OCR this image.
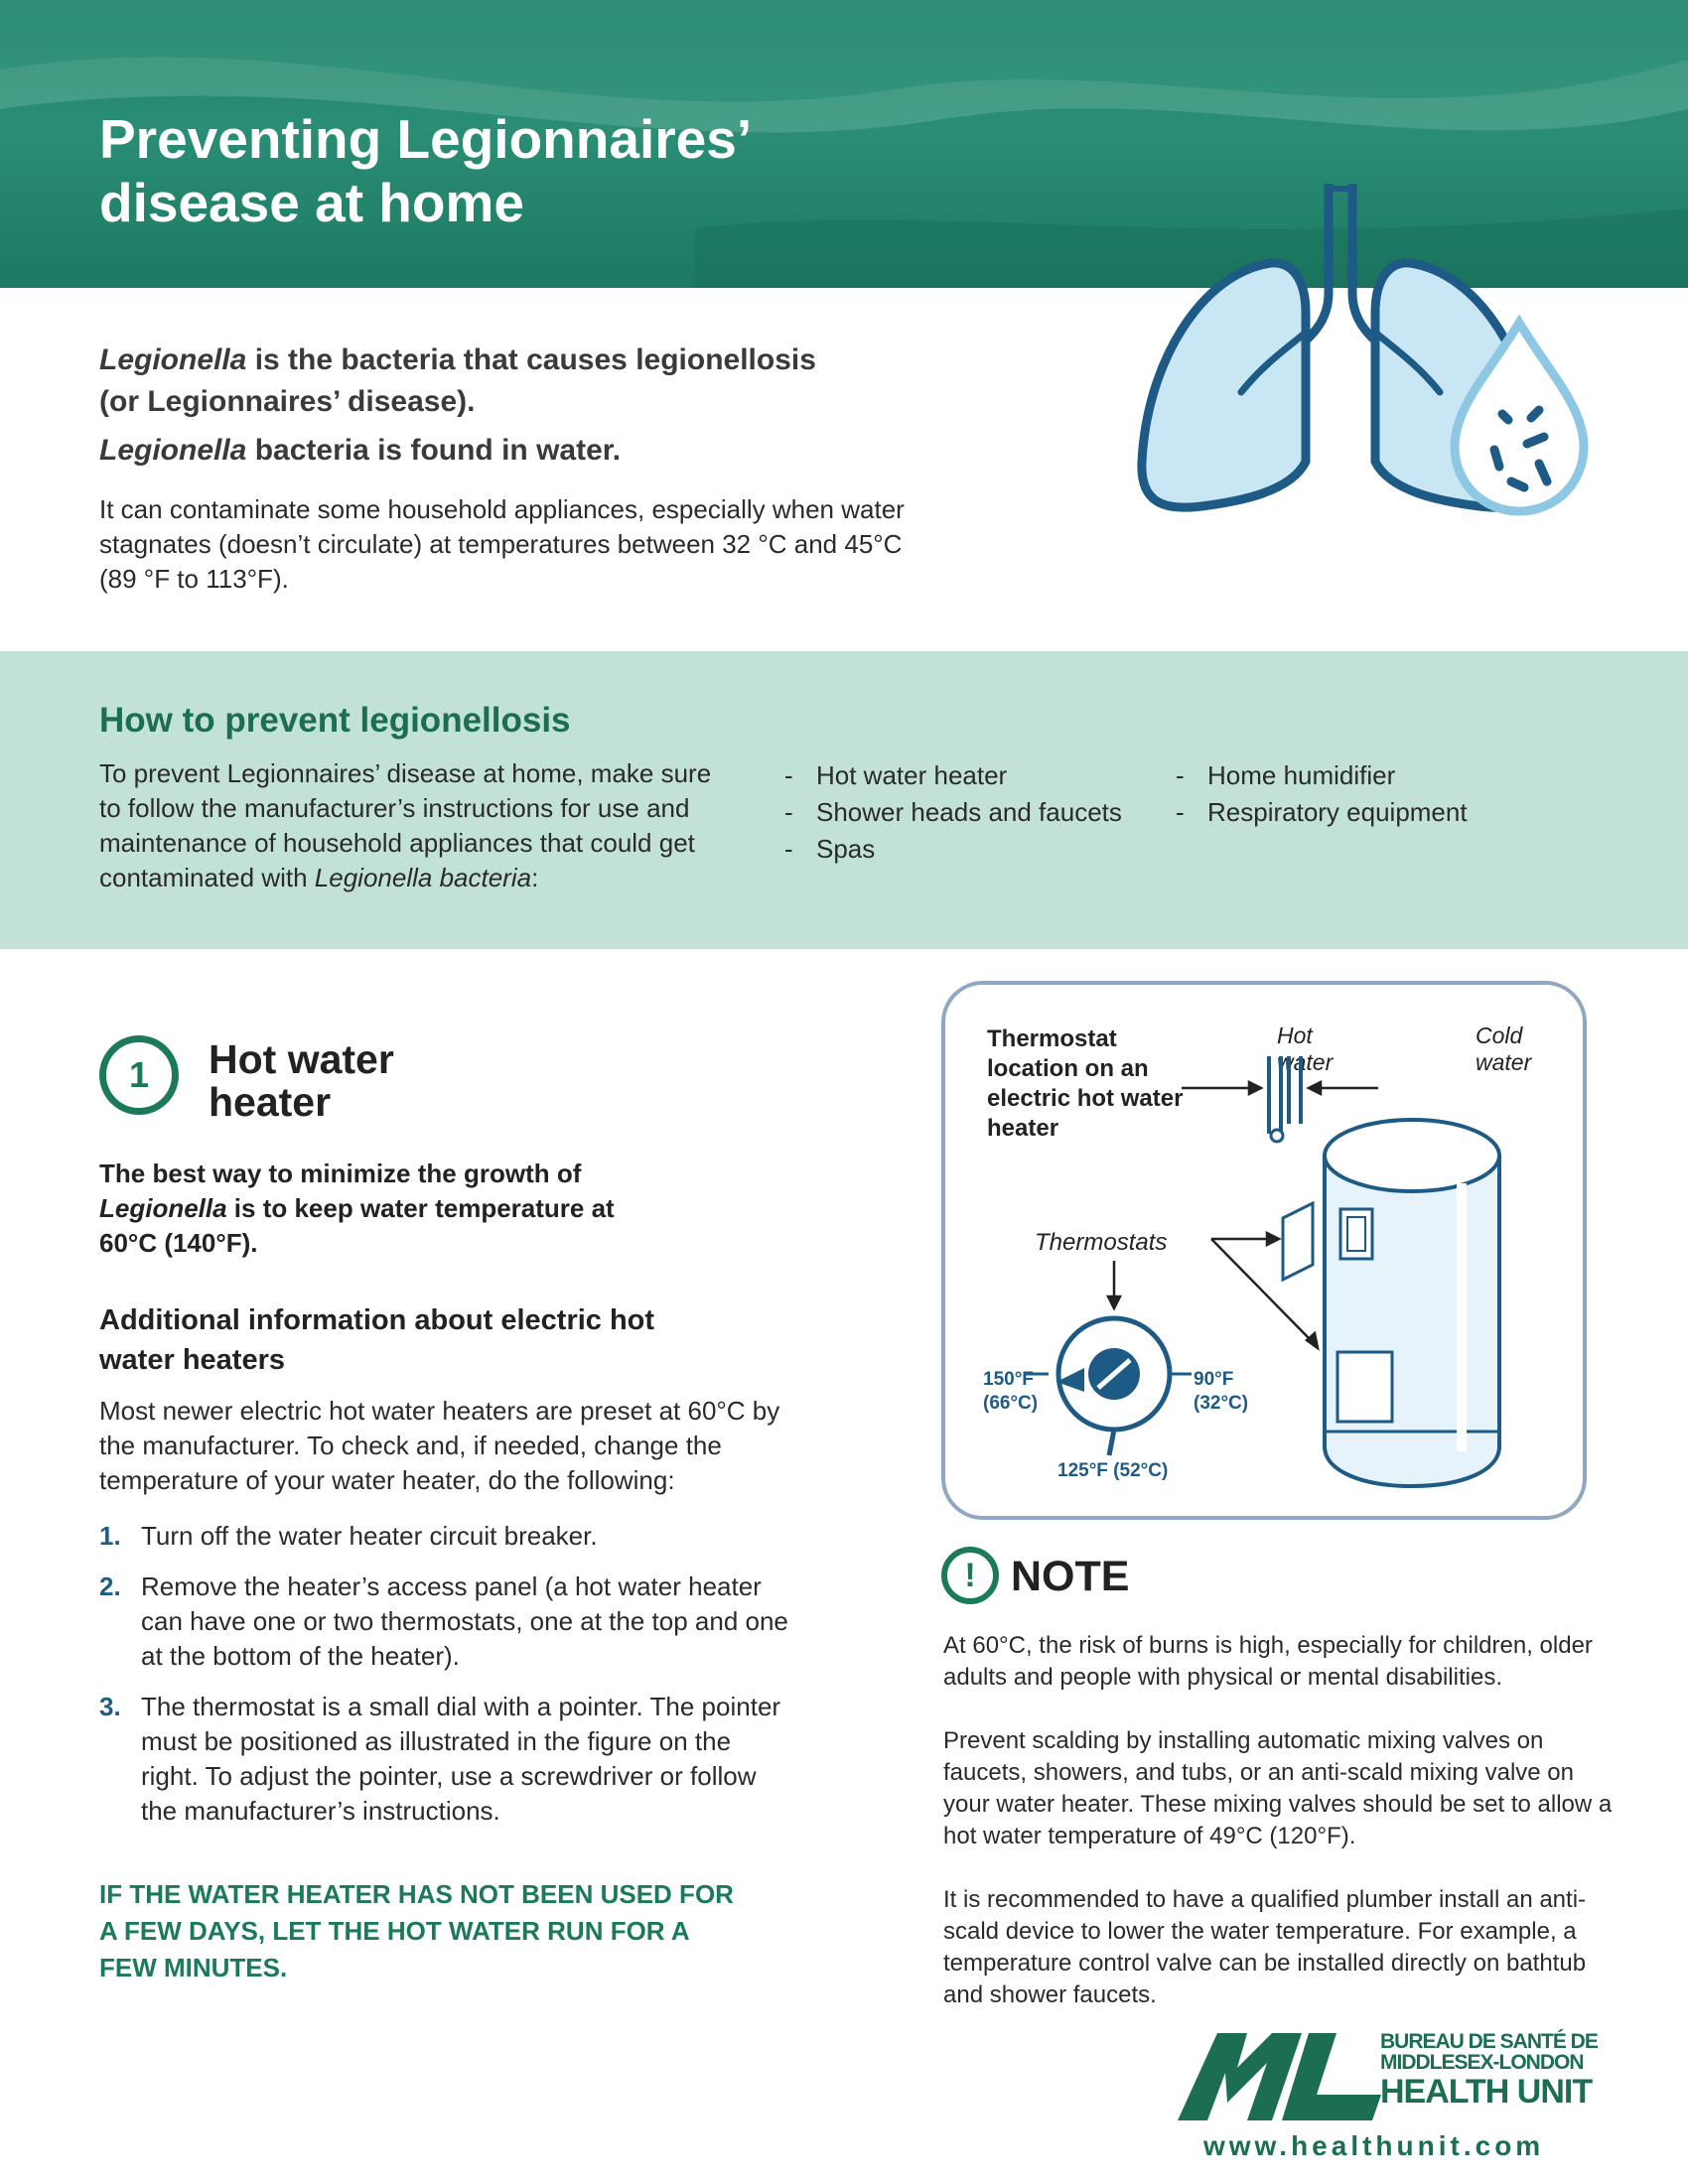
Preventing Legionnaires’
disease at home
Legionella is the bacteria that causes legionellosis
(or Legionnaires’ disease).
Legionella bacteria is found in water.
It can contaminate some household appliances, especially when water stagnates (doesn’t circulate) at temperatures between 32 °C and 45°C (89 °F to 113°F).
How to prevent legionellosis
To prevent Legionnaires’ disease at home, make sure to follow the manufacturer’s instructions for use and maintenance of household appliances that could get contaminated with Legionella bacteria:
- Hot water heater
- Shower heads and faucets
- Spas
- Home humidifier
- Respiratory equipment
1	Hot water heater
The best way to minimize the growth of Legionella is to keep water temperature at 60°C (140°F).
Additional information about electric hot water heaters
Most newer electric hot water heaters are preset at 60°C by the manufacturer. To check and, if needed, change the temperature of your water heater, do the following:
1. Turn off the water heater circuit breaker.
2. Remove the heater’s access panel (a hot water heater can have one or two thermostats, one at the top and one at the bottom of the heater).
3. The thermostat is a small dial with a pointer. The pointer must be positioned as illustrated in the figure on the right. To adjust the pointer, use a screwdriver or follow the manufacturer’s instructions.
IF THE WATER HEATER HAS NOT BEEN USED FOR A FEW DAYS, LET THE HOT WATER RUN FOR A FEW MINUTES.
Thermostat location on an electric hot water heater
Hot water
Cold water
Thermostats
150°F
(66°C)
90°F
(32°C)
125°F (52°C)
! NOTE
At 60°C, the risk of burns is high, especially for children, older adults and people with physical or mental disabilities.
Prevent scalding by installing automatic mixing valves on faucets, showers, and tubs, or an anti-scald mixing valve on your water heater. These mixing valves should be set to allow a hot water temperature of 49°C (120°F).
It is recommended to have a qualified plumber install an anti-scald device to lower the water temperature. For example, a temperature control valve can be installed directly on bathtub and shower faucets.
BUREAU DE SANTÉ DE
MIDDLESEX-LONDON
HEALTH UNIT
www.healthunit.com
